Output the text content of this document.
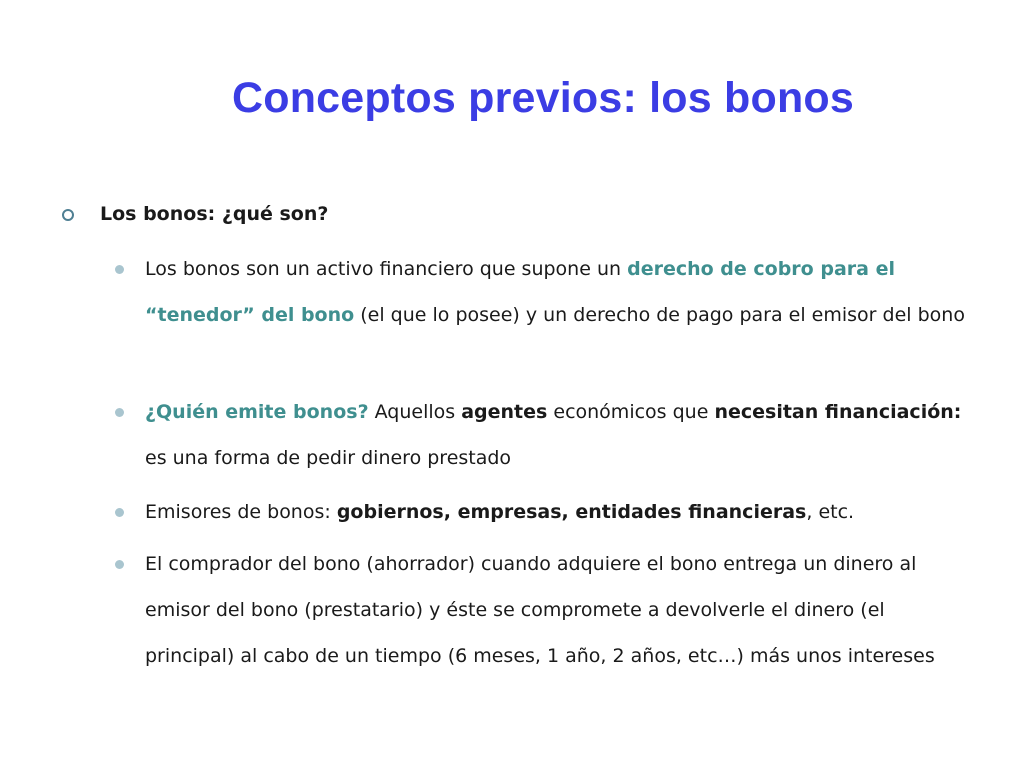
Conceptos previos: los bonos
Los bonos: ¿qué son?
Los bonos son un activo financiero que supone un derecho de cobro para el “tenedor” del bono (el que lo posee) y un derecho de pago para el emisor del bono
¿Quién emite bonos? Aquellos agentes económicos que necesitan financiación: es una forma de pedir dinero prestado
Emisores de bonos: gobiernos, empresas, entidades financieras, etc.
El comprador del bono (ahorrador) cuando adquiere el bono entrega un dinero al emisor del bono (prestatario) y éste se compromete a devolverle el dinero (el principal) al cabo de un tiempo (6 meses, 1 año, 2 años, etc…) más unos intereses
